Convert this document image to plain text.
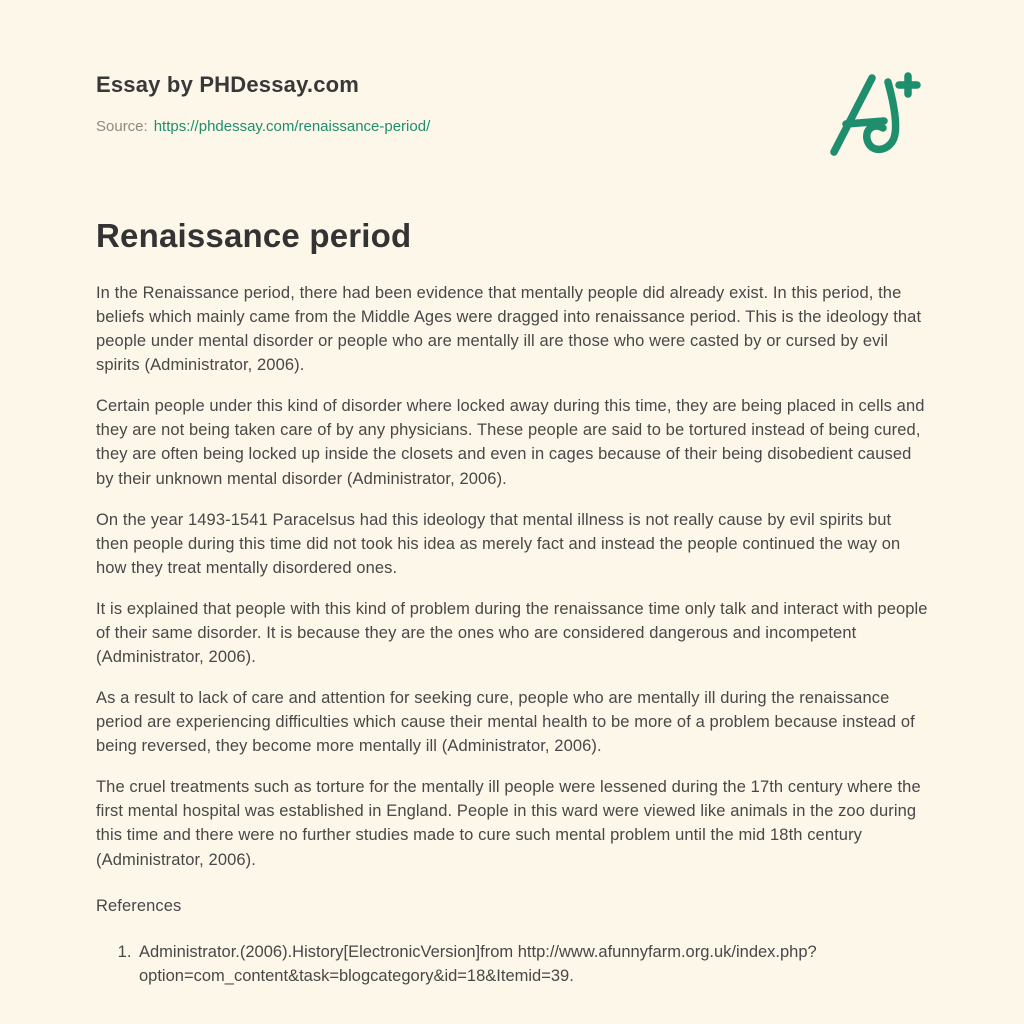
Essay by PHDessay.com

Source: https://phdessay.com/renaissance-period/

Renaissance period

In the Renaissance period, there had been evidence that mentally people did already exist. In this period, the beliefs which mainly came from the Middle Ages were dragged into renaissance period. This is the ideology that people under mental disorder or people who are mentally ill are those who were casted by or cursed by evil spirits (Administrator, 2006).

Certain people under this kind of disorder where locked away during this time, they are being placed in cells and they are not being taken care of by any physicians. These people are said to be tortured instead of being cured, they are often being locked up inside the closets and even in cages because of their being disobedient caused by their unknown mental disorder (Administrator, 2006).

On the year 1493-1541 Paracelsus had this ideology that mental illness is not really cause by evil spirits but then people during this time did not took his idea as merely fact and instead the people continued the way on how they treat mentally disordered ones.

It is explained that people with this kind of problem during the renaissance time only talk and interact with people of their same disorder. It is because they are the ones who are considered dangerous and incompetent (Administrator, 2006).

As a result to lack of care and attention for seeking cure, people who are mentally ill during the renaissance period are experiencing difficulties which cause their mental health to be more of a problem because instead of being reversed, they become more mentally ill (Administrator, 2006).

The cruel treatments such as torture for the mentally ill people were lessened during the 17th century where the first mental hospital was established in England. People in this ward were viewed like animals in the zoo during this time and there were no further studies made to cure such mental problem until the mid 18th century (Administrator, 2006).

References

1. Administrator.(2006).History[ElectronicVersion]from http://www.afunnyfarm.org.uk/index.php?option=com_content&task=blogcategory&id=18&Itemid=39.
